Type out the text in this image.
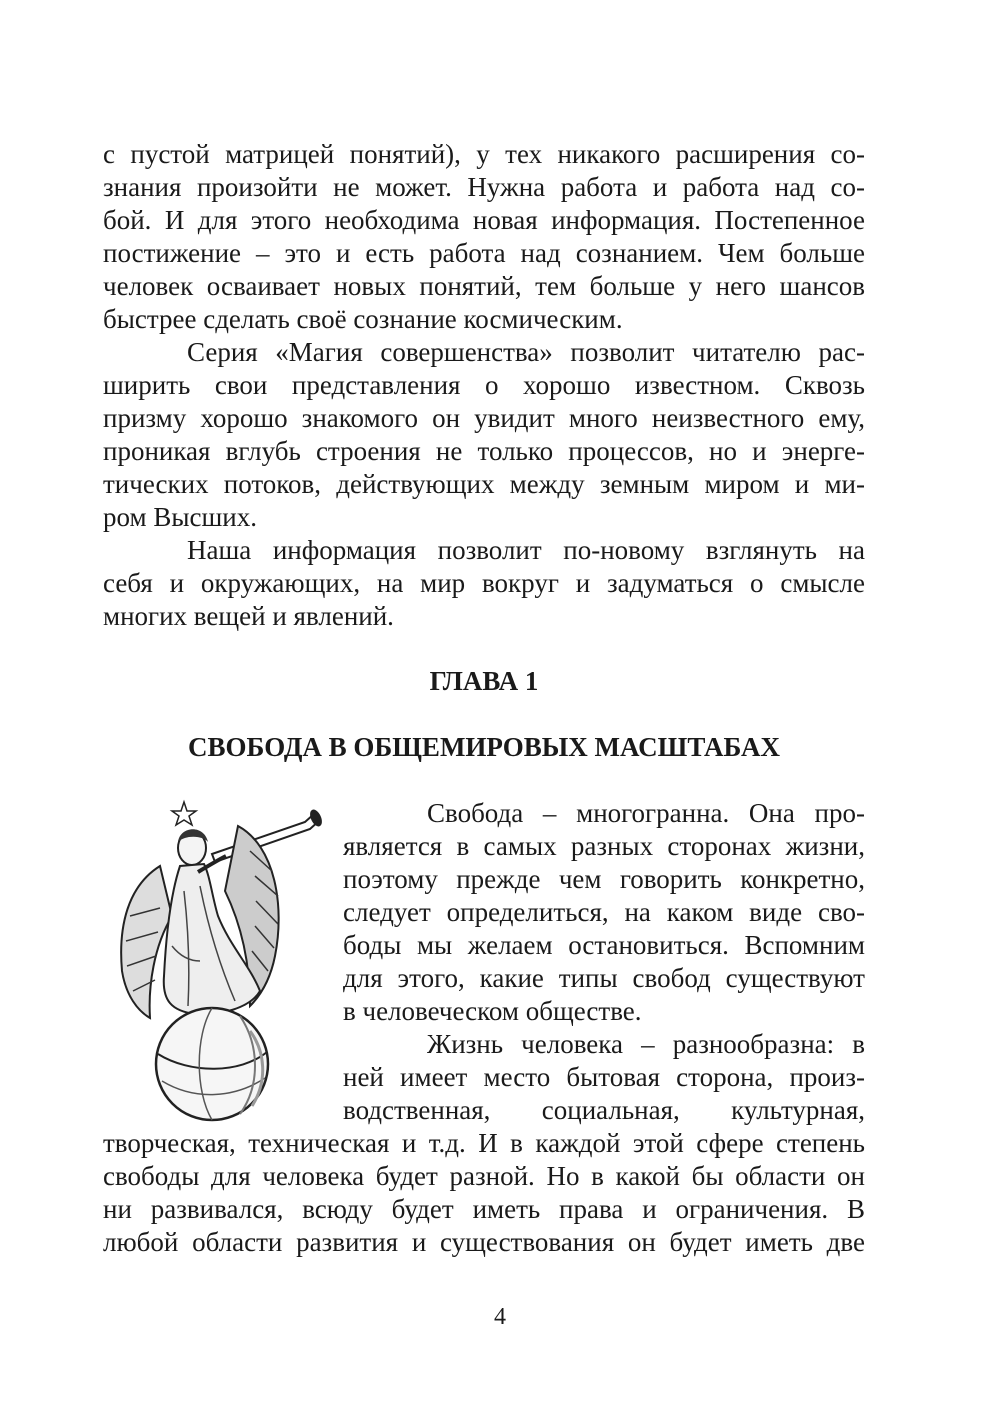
с пустой матрицей понятий), у тех никакого расширения со-
знания произойти не может. Нужна работа и работа над со-
бой. И для этого необходима новая информация. Постепенное
постижение – это и есть работа над сознанием. Чем больше
человек осваивает новых понятий, тем больше у него шансов
быстрее сделать своё сознание космическим.
Серия «Магия совершенства» позволит читателю рас-
ширить свои представления о хорошо известном. Сквозь
призму хорошо знакомого он увидит много неизвестного ему,
проникая вглубь строения не только процессов, но и энерге-
тических потоков, действующих между земным миром и ми-
ром Высших.
Наша информация позволит по-новому взглянуть на
себя и окружающих, на мир вокруг и задуматься о смысле
многих вещей и явлений.
ГЛАВА 1
СВОБОДА В ОБЩЕМИРОВЫХ МАСШТАБАХ
Свобода – многогранна. Она про-
является в самых разных сторонах жизни,
поэтому прежде чем говорить конкретно,
следует определиться, на каком виде сво-
боды мы желаем остановиться. Вспомним
для этого, какие типы свобод существуют
в человеческом обществе.
Жизнь человека – разнообразна: в
ней имеет место бытовая сторона, произ-
водственная, социальная, культурная,
творческая, техническая и т.д. И в каждой этой сфере степень
свободы для человека будет разной. Но в какой бы области он
ни развивался, всюду будет иметь права и ограничения. В
любой области развития и существования он будет иметь две
4
